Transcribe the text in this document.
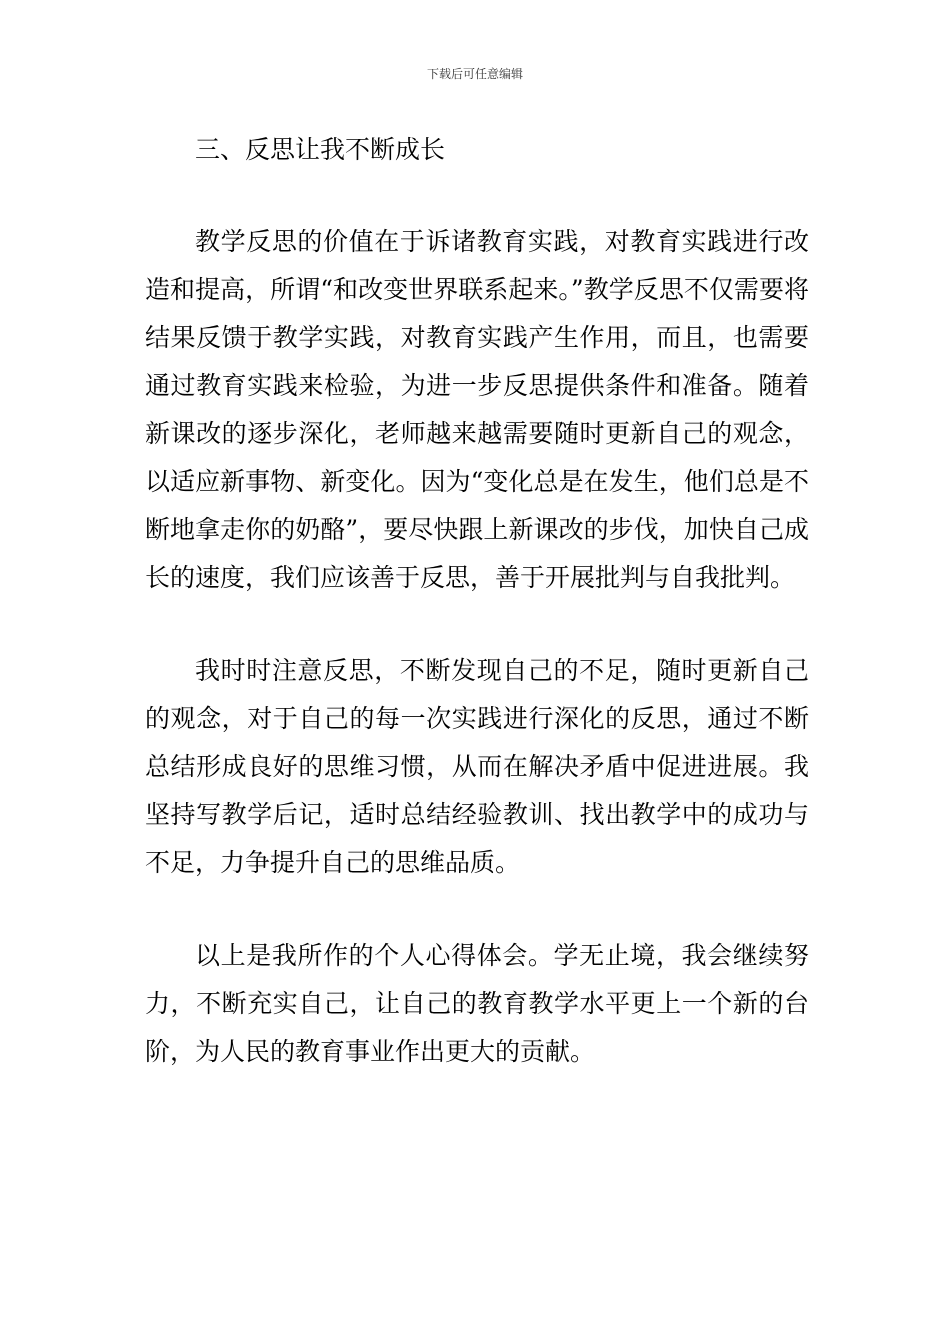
下载后可任意编辑

三、反思让我不断成长

教学反思的价值在于诉诸教育实践，对教育实践进行改造和提高，所谓“和改变世界联系起来。”教学反思不仅需要将结果反馈于教学实践，对教育实践产生作用，而且，也需要通过教育实践来检验，为进一步反思提供条件和准备。随着新课改的逐步深化，老师越来越需要随时更新自己的观念，以适应新事物、新变化。因为“变化总是在发生，他们总是不断地拿走你的奶酪”，要尽快跟上新课改的步伐，加快自己成长的速度，我们应该善于反思，善于开展批判与自我批判。

我时时注意反思，不断发现自己的不足，随时更新自己的观念，对于自己的每一次实践进行深化的反思，通过不断总结形成良好的思维习惯，从而在解决矛盾中促进进展。我坚持写教学后记，适时总结经验教训、找出教学中的成功与不足，力争提升自己的思维品质。

以上是我所作的个人心得体会。学无止境，我会继续努力，不断充实自己，让自己的教育教学水平更上一个新的台阶，为人民的教育事业作出更大的贡献。
